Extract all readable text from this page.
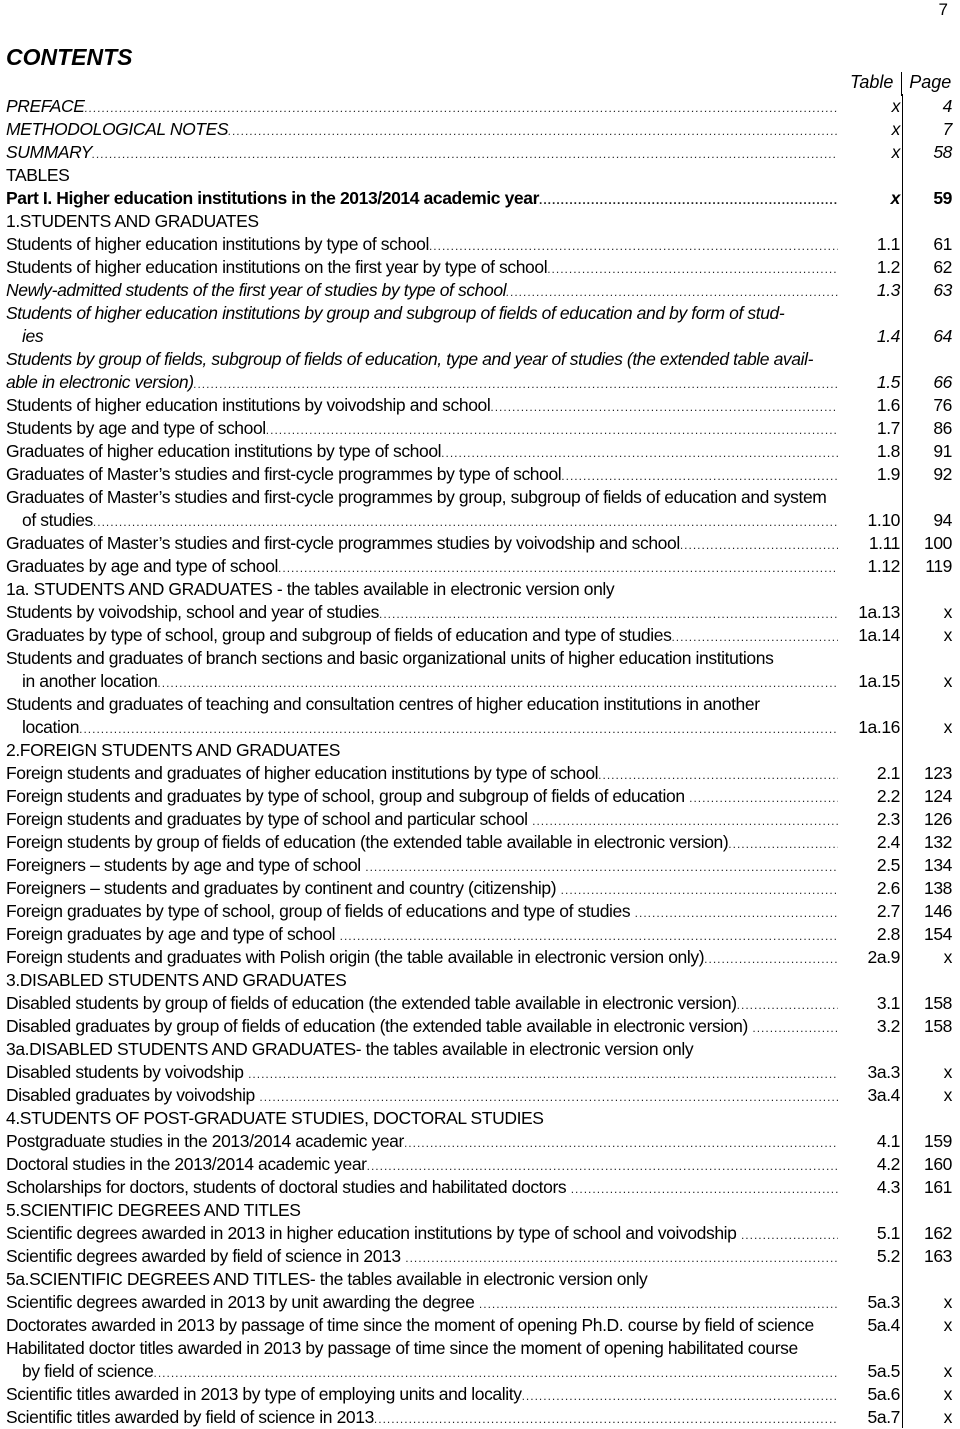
7
CONTENTS
Table Page
PREFACE .....	x	4
METHODOLOGICAL NOTES .....	x	7
SUMMARY .....	x	58
TABLES
Part I. Higher education institutions in the 2013/2014 academic year .....	x	59
1.STUDENTS AND GRADUATES
Students of higher education institutions by type of school .....	1.1	61
Students of higher education institutions on the first year by type of school .....	1.2	62
Newly-admitted students of the first year of studies by type of school .....	1.3	63
Students of higher education institutions by group and subgroup of fields of education and by form of stud-
ies	1.4	64
Students by group of fields, subgroup of fields of education, type and year of studies (the extended table avail-
able in electronic version) .....	1.5	66
Students of higher education institutions by voivodship and school .....	1.6	76
Students by age and type of school .....	1.7	86
Graduates of higher education institutions by type of school .....	1.8	91
Graduates of Master’s studies and first-cycle programmes by type of school .....	1.9	92
Graduates of Master’s studies and first-cycle programmes by group, subgroup of fields of education and system
of studies .....	1.10	94
Graduates of Master’s studies and first-cycle programmes studies by voivodship and school .....	1.11	100
Graduates by age and type of school .....	1.12	119
1a. STUDENTS AND GRADUATES - the tables available in electronic version only
Students by voivodship, school and year of studies .....	1a.13	x
Graduates by type of school, group and subgroup of fields of education and type of studies .....	1a.14	x
Students and graduates of branch sections and basic organizational units of higher education institutions
in another location .....	1a.15	x
Students and graduates of teaching and consultation centres of higher education institutions in another
location .....	1a.16	x
2.FOREIGN STUDENTS AND GRADUATES
Foreign students and graduates of higher education institutions by type of school .....	2.1	123
Foreign students and graduates by type of school, group and subgroup of fields of education .....	2.2	124
Foreign students and graduates by type of school and particular school .....	2.3	126
Foreign students by group of fields of education (the extended table available in electronic version) .....	2.4	132
Foreigners – students by age and type of school .....	2.5	134
Foreigners – students and graduates by continent and country (citizenship) .....	2.6	138
Foreign graduates by type of school, group of fields of educations and type of studies .....	2.7	146
Foreign graduates by age and type of school .....	2.8	154
Foreign students and graduates with Polish origin (the table available in electronic version only) .....	2a.9	x
3.DISABLED STUDENTS AND GRADUATES
Disabled students by group of fields of education (the extended table available in electronic version) .....	3.1	158
Disabled graduates by group of fields of education (the extended table available in electronic version) .....	3.2	158
3a.DISABLED STUDENTS AND GRADUATES- the tables available in electronic version only
Disabled students by voivodship .....	3a.3	x
Disabled graduates by voivodship .....	3a.4	x
4.STUDENTS OF POST-GRADUATE STUDIES, DOCTORAL STUDIES
Postgraduate studies in the 2013/2014 academic year .....	4.1	159
Doctoral studies in the 2013/2014 academic year .....	4.2	160
Scholarships for doctors, students of doctoral studies and habilitated doctors .....	4.3	161
5.SCIENTIFIC DEGREES AND TITLES
Scientific degrees awarded in 2013 in higher education institutions by type of school and voivodship .....	5.1	162
Scientific degrees awarded by field of science in 2013 .....	5.2	163
5a.SCIENTIFIC DEGREES AND TITLES- the tables available in electronic version only
Scientific degrees awarded in 2013 by unit awarding the degree .....	5a.3	x
Doctorates awarded in 2013 by passage of time since the moment of opening Ph.D. course by field of science	5a.4	x
Habilitated doctor titles awarded in 2013 by passage of time since the moment of opening habilitated course
by field of science .....	5a.5	x
Scientific titles awarded in 2013 by type of employing units and locality .....	5a.6	x
Scientific titles awarded by field of science in 2013 .....	5a.7	x
